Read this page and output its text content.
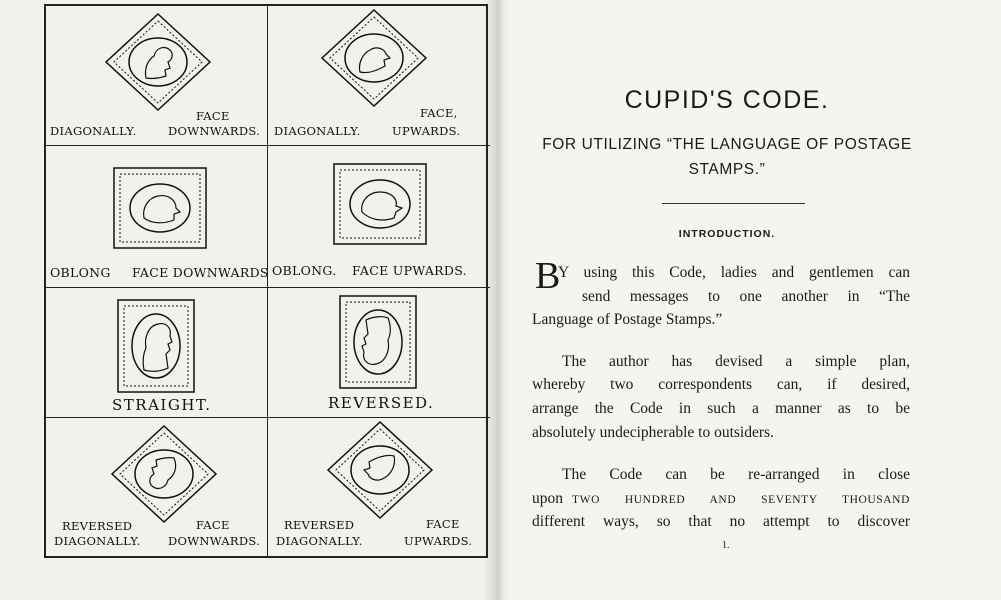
DIAGONALLY.
FACE
DOWNWARDS. DIAGONALLY.
FACE,
UPWARDS.
OBLONG FACE DOWNWARDS OBLONG. FACE UPWARDS.
STRAIGHT.	REVERSED.
REVERSED
DIAGONALLY.
FACE
DOWNWARDS.
REVERSED
DIAGONALLY.
FACE
UPWARDS.
CUPID'S CODE.

FOR UTILIZING “THE LANGUAGE OF POSTAGE
STAMPS.”

INTRODUCTION.
B
Y using this Code, ladies and gentlemen can
send messages to one another in “The
Language of Postage Stamps.”
The author has devised a simple plan,
whereby two correspondents can, if desired,
arrange the Code in such a manner as to be
absolutely undecipherable to outsiders.
The Code can be re-arranged in close
upon TWO HUNDRED AND SEVENTY THOUSAND
different ways, so that no attempt to discover
1.
